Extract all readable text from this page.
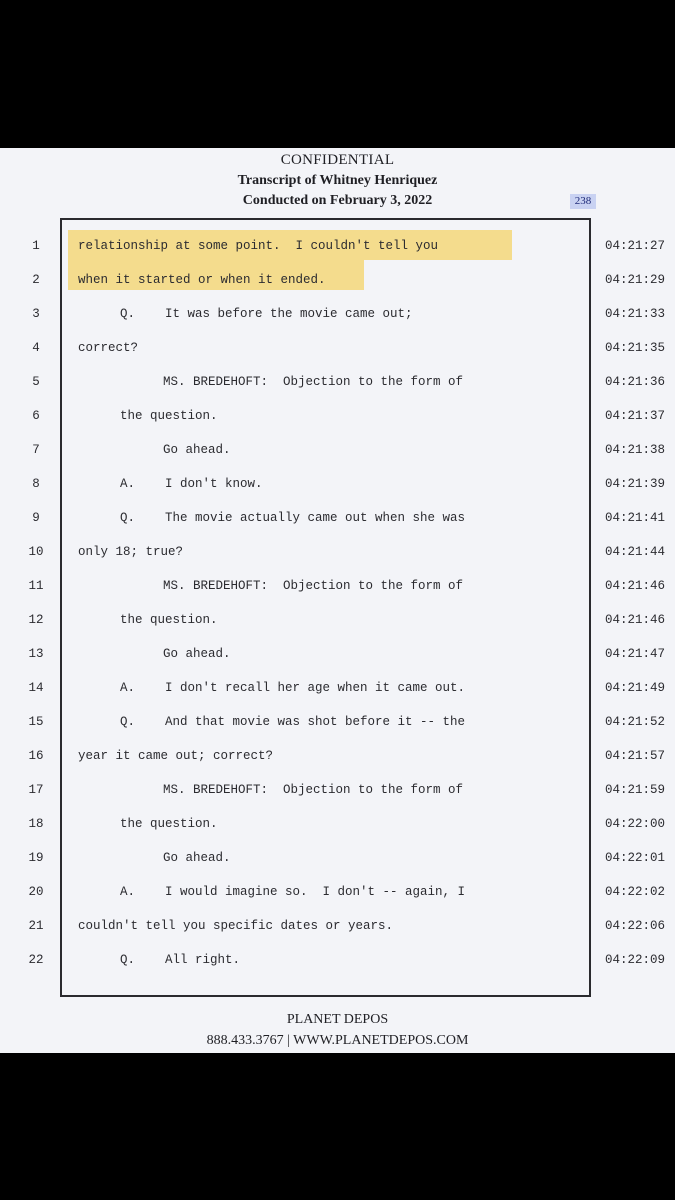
CONFIDENTIAL
Transcript of Whitney Henriquez
Conducted on February 3, 2022	238
1	relationship at some point.  I couldn't tell you	04:21:27
2	when it started or when it ended.	04:21:29
3	Q.    It was before the movie came out;	04:21:33
4	correct?	04:21:35
5	MS. BREDEHOFT:  Objection to the form of	04:21:36
6	the question.	04:21:37
7	Go ahead.	04:21:38
8	A.    I don't know.	04:21:39
9	Q.    The movie actually came out when she was	04:21:41
10	only 18; true?	04:21:44
11	MS. BREDEHOFT:  Objection to the form of	04:21:46
12	the question.	04:21:46
13	Go ahead.	04:21:47
14	A.    I don't recall her age when it came out.	04:21:49
15	Q.    And that movie was shot before it -- the	04:21:52
16	year it came out; correct?	04:21:57
17	MS. BREDEHOFT:  Objection to the form of	04:21:59
18	the question.	04:22:00
19	Go ahead.	04:22:01
20	A.    I would imagine so.  I don't -- again, I	04:22:02
21	couldn't tell you specific dates or years.	04:22:06
22	Q.    All right.	04:22:09
PLANET DEPOS
888.433.3767 | WWW.PLANETDEPOS.COM
